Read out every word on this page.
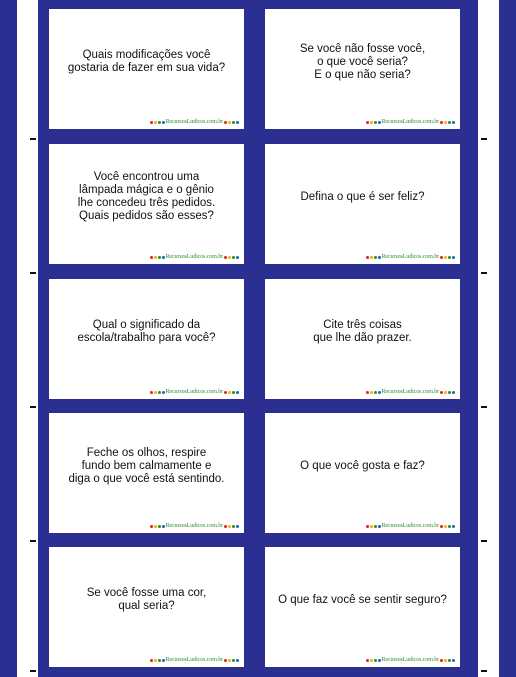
Quais modificações você
gostaria de fazer em sua vida?
RecursosLudicos.com.br
Se você não fosse você,
o que você seria?
E o que não seria?
RecursosLudicos.com.br
Você encontrou uma
lâmpada mágica e o gênio
lhe concedeu três pedidos.
Quais pedidos são esses?
RecursosLudicos.com.br
Defina o que é ser feliz?
RecursosLudicos.com.br
Qual o significado da
escola/trabalho para você?
RecursosLudicos.com.br
Cite três coisas
que lhe dão prazer.
RecursosLudicos.com.br
Feche os olhos, respire
fundo bem calmamente e
diga o que você está sentindo.
RecursosLudicos.com.br
O que você gosta e faz?
RecursosLudicos.com.br
Se você fosse uma cor,
qual seria?
RecursosLudicos.com.br
O que faz você se sentir seguro?
RecursosLudicos.com.br
